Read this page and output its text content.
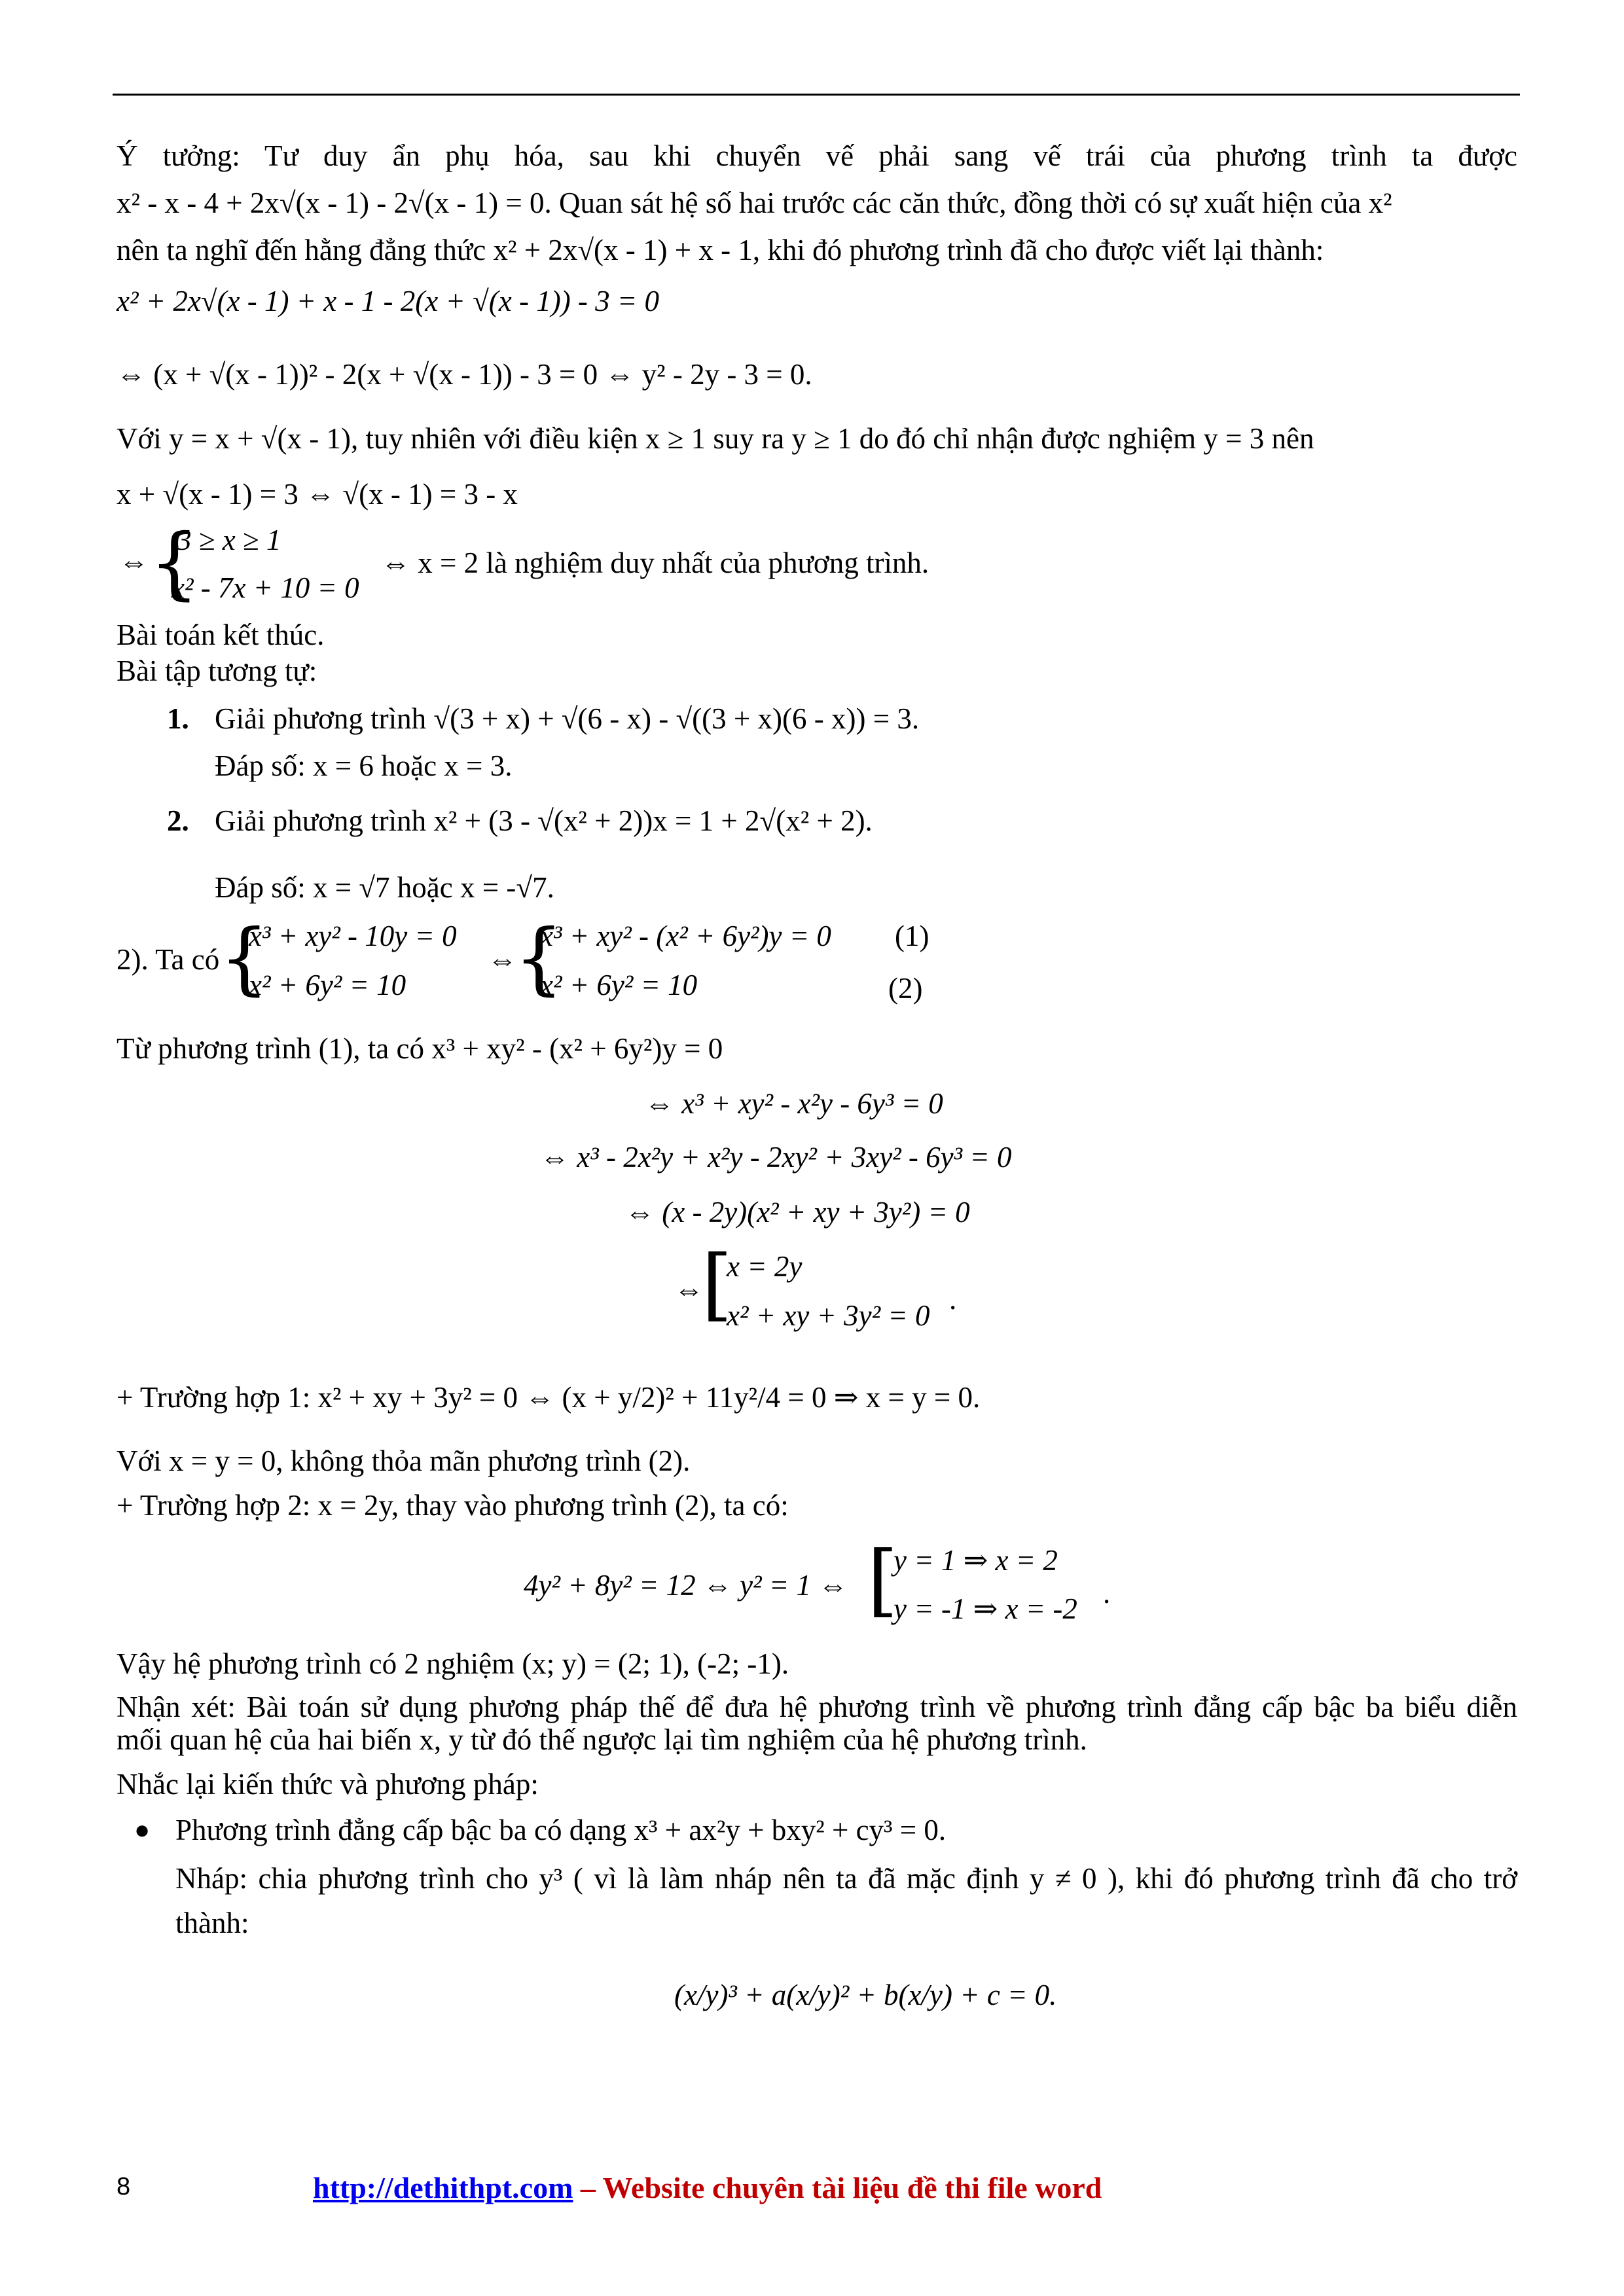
Ý tưởng: Tư duy ẩn phụ hóa, sau khi chuyển vế phải sang vế trái của phương trình ta được
x² - x - 4 + 2x√(x - 1) - 2√(x - 1) = 0. Quan sát hệ số hai trước các căn thức, đồng thời có sự xuất hiện của x²
nên ta nghĩ đến hằng đẳng thức x² + 2x√(x - 1) + x - 1, khi đó phương trình đã cho được viết lại thành:
x² + 2x√(x - 1) + x - 1 - 2(x + √(x - 1)) - 3 = 0
⇔ (x + √(x - 1))² - 2(x + √(x - 1)) - 3 = 0 ⇔ y² - 2y - 3 = 0.
Với y = x + √(x - 1), tuy nhiên với điều kiện x ≥ 1 suy ra y ≥ 1 do đó chỉ nhận được nghiệm y = 3 nên
x + √(x - 1) = 3 ⇔ √(x - 1) = 3 - x
⇔ {
3 ≥ x ≥ 1
x² - 7x + 10 = 0
⇔ x = 2 là nghiệm duy nhất của phương trình.
Bài toán kết thúc.
Bài tập tương tự:
1. Giải phương trình √(3 + x) + √(6 - x) - √((3 + x)(6 - x)) = 3.
Đáp số: x = 6 hoặc x = 3.
2. Giải phương trình x² + (3 - √(x² + 2))x = 1 + 2√(x² + 2).
Đáp số: x = √7 hoặc x = -√7.
2). Ta có {
x³ + xy² - 10y = 0
x² + 6y² = 10
⇔
{
x³ + xy² - (x² + 6y²)y = 0
x² + 6y² = 10
(1)
(2)
Từ phương trình (1), ta có x³ + xy² - (x² + 6y²)y = 0
⇔ x³ + xy² - x²y - 6y³ = 0
⇔ x³ - 2x²y + x²y - 2xy² + 3xy² - 6y³ = 0
⇔ (x - 2y)(x² + xy + 3y²) = 0
⇔
[
x = 2y
x² + xy + 3y² = 0 .
+ Trường hợp 1: x² + xy + 3y² = 0 ⇔ (x + y/2)² + 11y²/4 = 0 ⇒ x = y = 0.
Với x = y = 0, không thỏa mãn phương trình (2).
+ Trường hợp 2: x = 2y, thay vào phương trình (2), ta có:
4y² + 8y² = 12 ⇔ y² = 1 ⇔ [
y = 1 ⇒ x = 2
y = -1 ⇒ x = -2 .
Vậy hệ phương trình có 2 nghiệm (x; y) = (2; 1), (-2; -1).
Nhận xét: Bài toán sử dụng phương pháp thế để đưa hệ phương trình về phương trình đẳng cấp bậc ba biểu diễn
mối quan hệ của hai biến x, y từ đó thế ngược lại tìm nghiệm của hệ phương trình.
Nhắc lại kiến thức và phương pháp:
● Phương trình đẳng cấp bậc ba có dạng x³ + ax²y + bxy² + cy³ = 0.
Nháp: chia phương trình cho y³ ( vì là làm nháp nên ta đã mặc định y ≠ 0 ), khi đó phương trình đã cho trở
thành:
(x/y)³ + a(x/y)² + b(x/y) + c = 0.
8	http://dethithpt.com – Website chuyên tài liệu đề thi file word
